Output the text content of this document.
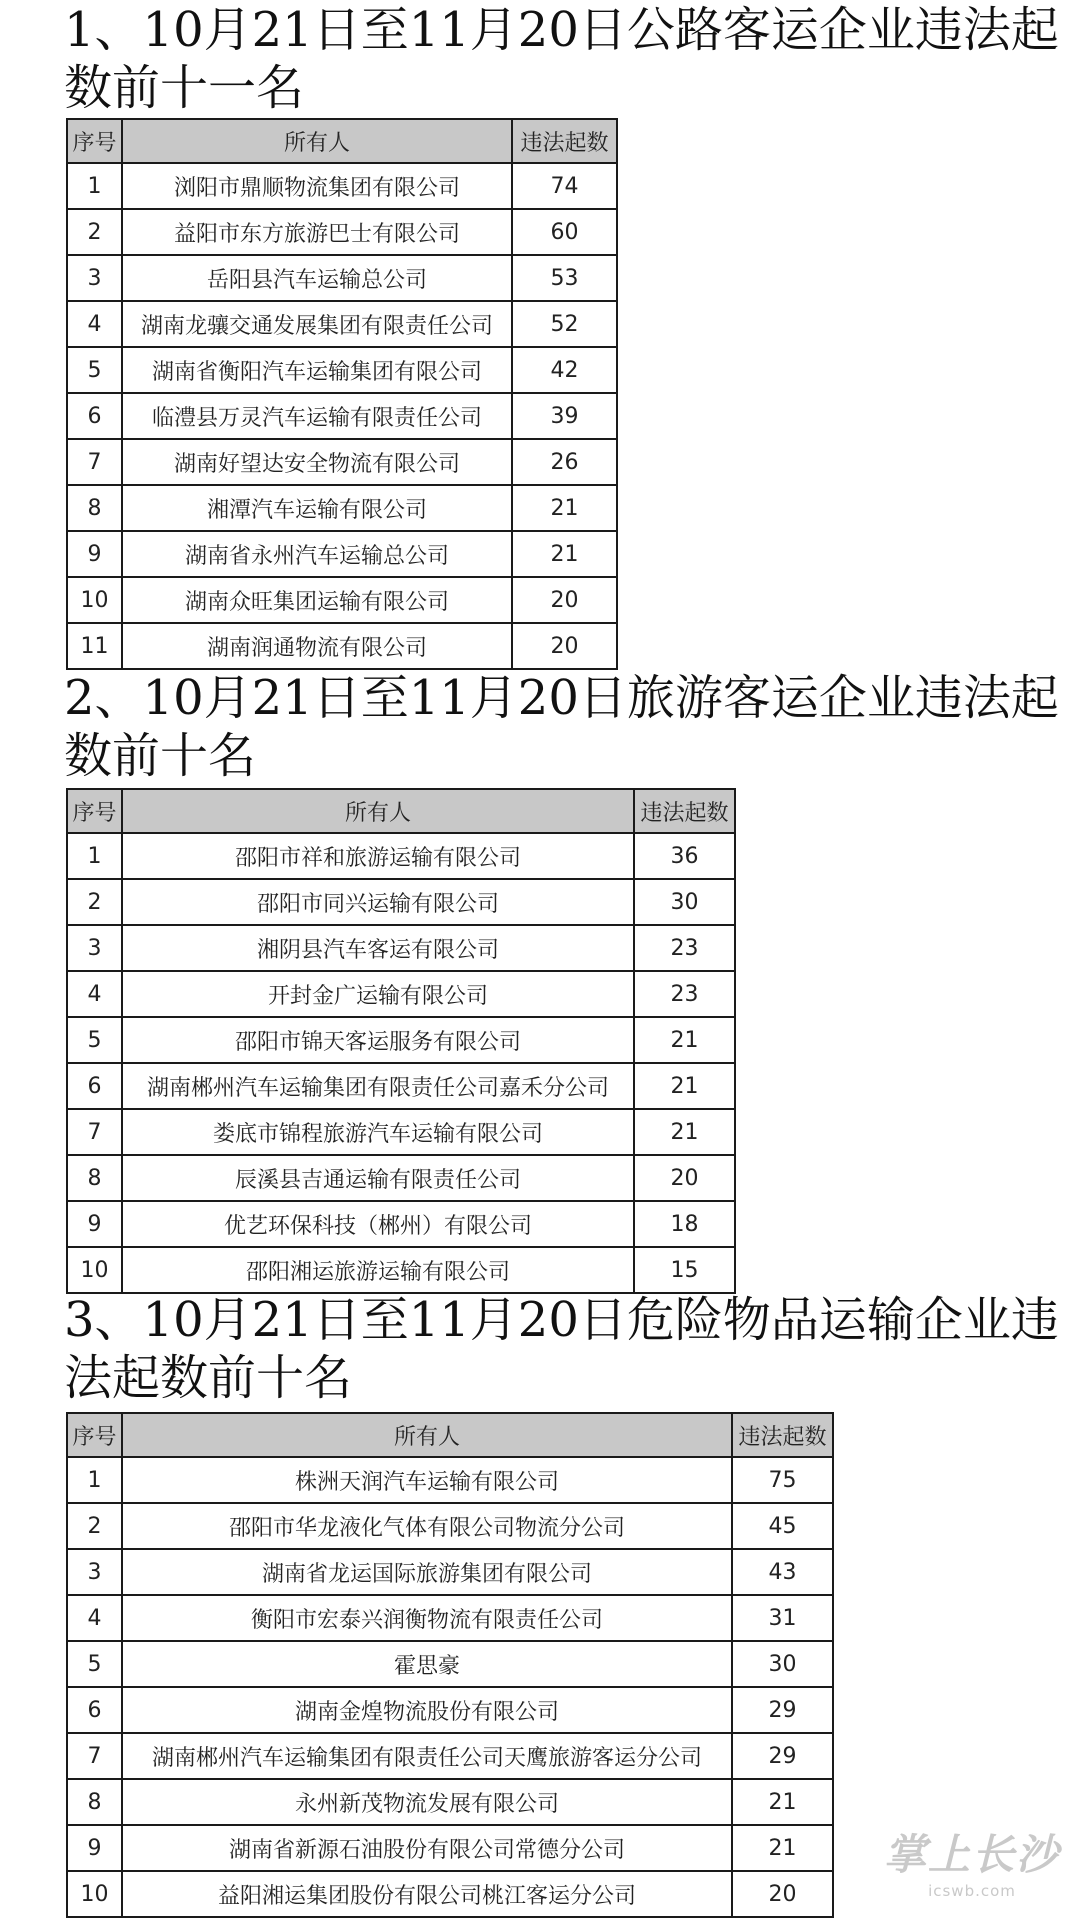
1、10月21日至11月20日公路客运企业违法起
数前十一名
序号	所有人	违法起数
1	浏阳市鼎顺物流集团有限公司	74
2	益阳市东方旅游巴士有限公司	60
3	岳阳县汽车运输总公司	53
4	湖南龙骧交通发展集团有限责任公司	52
5	湖南省衡阳汽车运输集团有限公司	42
6	临澧县万灵汽车运输有限责任公司	39
7	湖南好望达安全物流有限公司	26
8	湘潭汽车运输有限公司	21
9	湖南省永州汽车运输总公司	21
10	湖南众旺集团运输有限公司	20
11	湖南润通物流有限公司	20
2、10月21日至11月20日旅游客运企业违法起
数前十名
序号	所有人	违法起数
1	邵阳市祥和旅游运输有限公司	36
2	邵阳市同兴运输有限公司	30
3	湘阴县汽车客运有限公司	23
4	开封金广运输有限公司	23
5	邵阳市锦天客运服务有限公司	21
6	湖南郴州汽车运输集团有限责任公司嘉禾分公司	21
7	娄底市锦程旅游汽车运输有限公司	21
8	辰溪县吉通运输有限责任公司	20
9	优艺环保科技（郴州）有限公司	18
10	邵阳湘运旅游运输有限公司	15
3、10月21日至11月20日危险物品运输企业违
法起数前十名
序号	所有人	违法起数
1	株洲天润汽车运输有限公司	75
2	邵阳市华龙液化气体有限公司物流分公司	45
3	湖南省龙运国际旅游集团有限公司	43
4	衡阳市宏泰兴润衡物流有限责任公司	31
5	霍思豪	30
6	湖南金煌物流股份有限公司	29
7	湖南郴州汽车运输集团有限责任公司天鹰旅游客运分公司	29
8	永州新茂物流发展有限公司	21
9	湖南省新源石油股份有限公司常德分公司	21
10	益阳湘运集团股份有限公司桃江客运分公司	20
掌上长沙
icswb.com
